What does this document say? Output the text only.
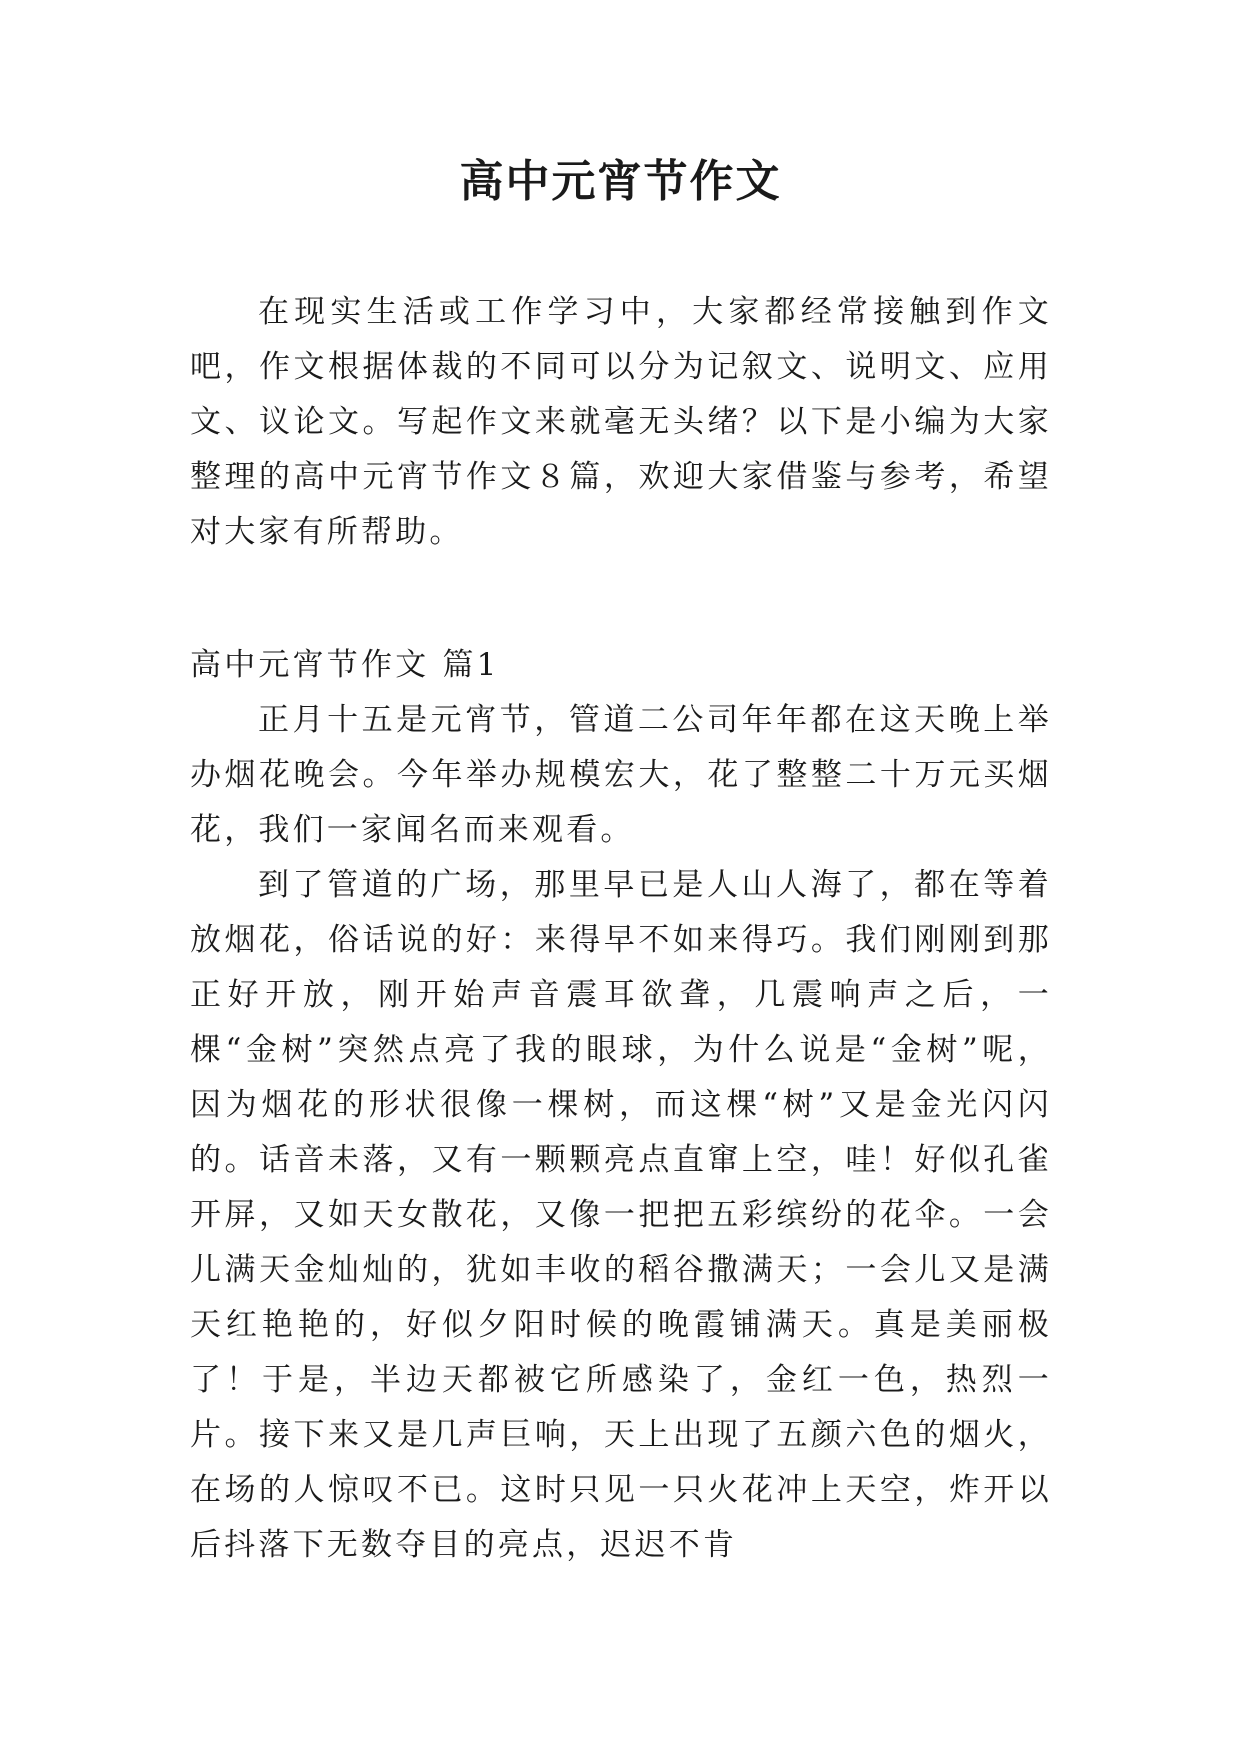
高中元宵节作文

在现实生活或工作学习中，大家都经常接触到作文吧，作文根据体裁的不同可以分为记叙文、说明文、应用文、议论文。写起作文来就毫无头绪？以下是小编为大家整理的高中元宵节作文８篇，欢迎大家借鉴与参考，希望对大家有所帮助。

高中元宵节作文 篇1

正月十五是元宵节，管道二公司年年都在这天晚上举办烟花晚会。今年举办规模宏大，花了整整二十万元买烟花，我们一家闻名而来观看。

到了管道的广场，那里早已是人山人海了，都在等着放烟花，俗话说的好：来得早不如来得巧。我们刚刚到那正好开放，刚开始声音震耳欲聋，几震响声之后，一棵“金树”突然点亮了我的眼球，为什么说是“金树”呢，因为烟花的形状很像一棵树，而这棵“树”又是金光闪闪的。话音未落，又有一颗颗亮点直窜上空，哇！好似孔雀开屏，又如天女散花，又像一把把五彩缤纷的花伞。一会儿满天金灿灿的，犹如丰收的稻谷撒满天；一会儿又是满天红艳艳的，好似夕阳时候的晚霞铺满天。真是美丽极了！于是，半边天都被它所感染了，金红一色，热烈一片。接下来又是几声巨响，天上出现了五颜六色的烟火，在场的人惊叹不已。这时只见一只火花冲上天空，炸开以后抖落下无数夺目的亮点，迟迟不肯
